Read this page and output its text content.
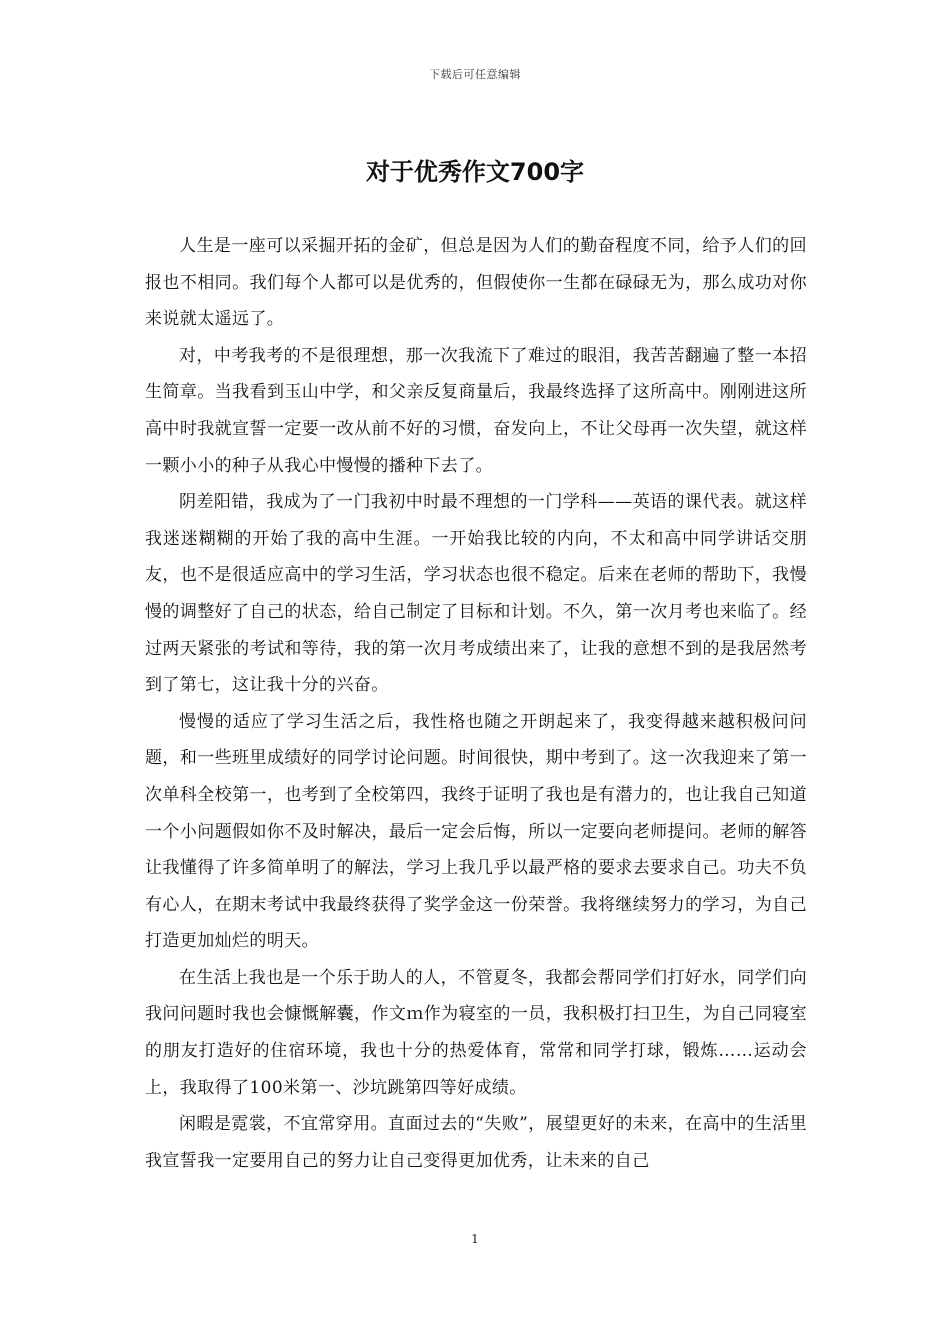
下载后可任意编辑
对于优秀作文700字

人生是一座可以采掘开拓的金矿，但总是因为人们的勤奋程度不同，给予人们的回报也不相同。我们每个人都可以是优秀的，但假使你一生都在碌碌无为，那么成功对你来说就太遥远了。

对，中考我考的不是很理想，那一次我流下了难过的眼泪，我苦苦翻遍了整一本招生简章。当我看到玉山中学，和父亲反复商量后，我最终选择了这所高中。刚刚进这所高中时我就宣誓一定要一改从前不好的习惯，奋发向上，不让父母再一次失望，就这样一颗小小的种子从我心中慢慢的播种下去了。

阴差阳错，我成为了一门我初中时最不理想的一门学科——英语的课代表。就这样我迷迷糊糊的开始了我的高中生涯。一开始我比较的内向，不太和高中同学讲话交朋友，也不是很适应高中的学习生活，学习状态也很不稳定。后来在老师的帮助下，我慢慢的调整好了自己的状态，给自己制定了目标和计划。不久，第一次月考也来临了。经过两天紧张的考试和等待，我的第一次月考成绩出来了，让我的意想不到的是我居然考到了第七，这让我十分的兴奋。

慢慢的适应了学习生活之后，我性格也随之开朗起来了，我变得越来越积极问问题，和一些班里成绩好的同学讨论问题。时间很快，期中考到了。这一次我迎来了第一次单科全校第一，也考到了全校第四，我终于证明了我也是有潜力的，也让我自己知道一个小问题假如你不及时解决，最后一定会后悔，所以一定要向老师提问。老师的解答让我懂得了许多简单明了的解法，学习上我几乎以最严格的要求去要求自己。功夫不负有心人，在期末考试中我最终获得了奖学金这一份荣誉。我将继续努力的学习，为自己打造更加灿烂的明天。

在生活上我也是一个乐于助人的人，不管夏冬，我都会帮同学们打好水，同学们向我问问题时我也会慷慨解囊，作文ｍ作为寝室的一员，我积极打扫卫生，为自己同寝室的朋友打造好的住宿环境，我也十分的热爱体育，常常和同学打球，锻炼……运动会上，我取得了100米第一、沙坑跳第四等好成绩。

闲暇是霓裳，不宜常穿用。直面过去的“失败”，展望更好的未来，在高中的生活里我宣誓我一定要用自己的努力让自己变得更加优秀，让未来的自己

1
